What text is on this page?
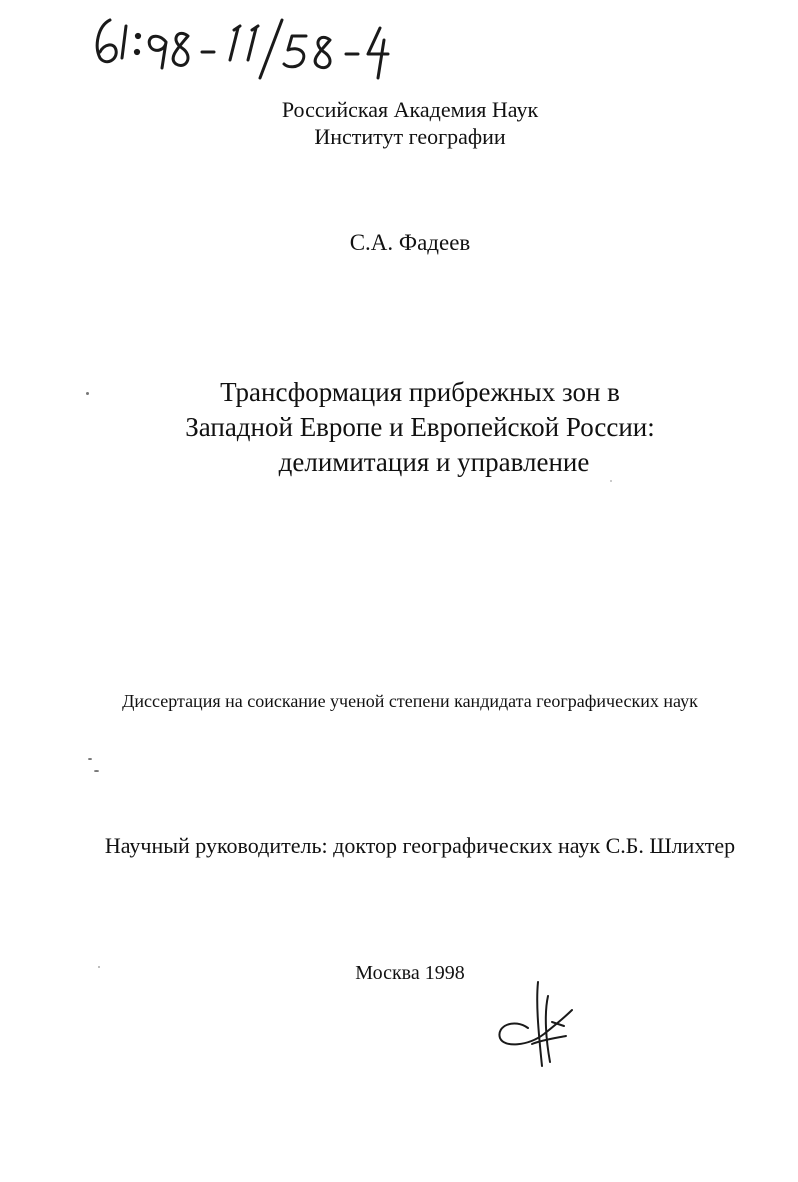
Российская Академия Наук
Институт географии

С.А. Фадеев

Трансформация прибрежных зон в
Западной Европе и Европейской России:
делимитация и управление

Диссертация на соискание ученой степени кандидата географических наук

Научный руководитель: доктор географических наук С.Б. Шлихтер

Москва 1998
